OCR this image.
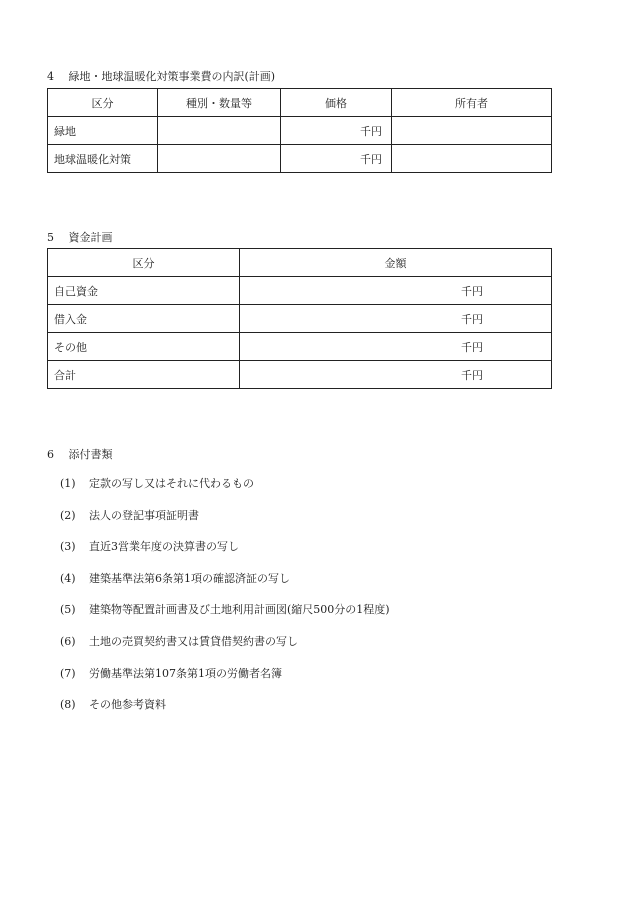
4 緑地・地球温暖化対策事業費の内訳(計画)
区分	種別・数量等	価格	所有者
緑地		千円	
地球温暖化対策		千円	
5 資金計画
区分	金額
自己資金	千円
借入金	千円
その他	千円
合計	千円
6 添付書類
(1) 定款の写し又はそれに代わるもの
(2) 法人の登記事項証明書
(3) 直近3営業年度の決算書の写し
(4) 建築基準法第6条第1項の確認済証の写し
(5) 建築物等配置計画書及び土地利用計画図(縮尺500分の1程度)
(6) 土地の売買契約書又は賃貸借契約書の写し
(7) 労働基準法第107条第1項の労働者名簿
(8) その他参考資料
